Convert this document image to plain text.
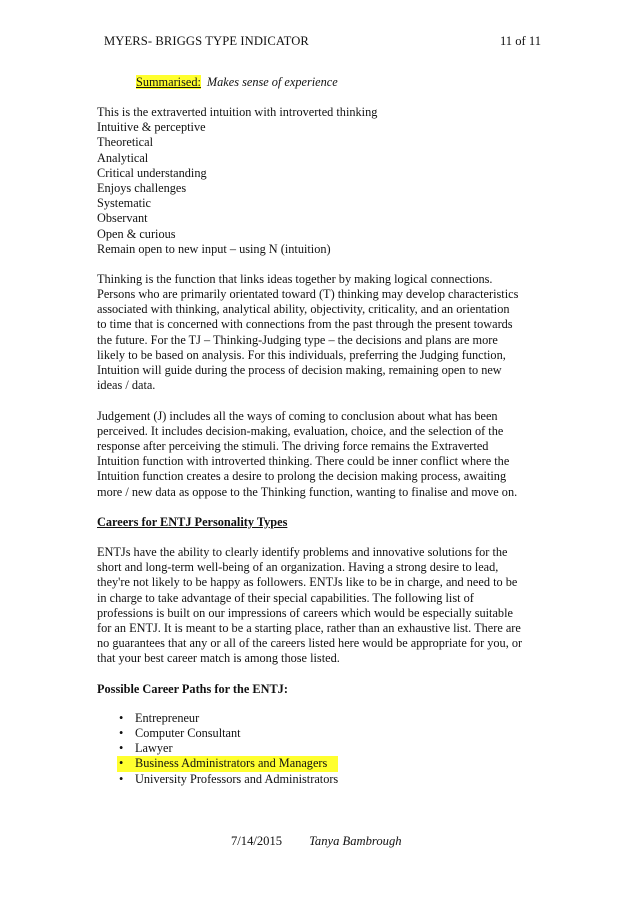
MYERS- BRIGGS TYPE INDICATOR	11 of 11
Summarised: Makes sense of experience
This is the extraverted intuition with introverted thinking
Intuitive & perceptive
Theoretical
Analytical
Critical understanding
Enjoys challenges
Systematic
Observant
Open & curious
Remain open to new input – using N (intuition)
Thinking is the function that links ideas together by making logical connections.
Persons who are primarily orientated toward (T) thinking may develop characteristics
associated with thinking, analytical ability, objectivity, criticality, and an orientation
to time that is concerned with connections from the past through the present towards
the future. For the TJ – Thinking-Judging type – the decisions and plans are more
likely to be based on analysis. For this individuals, preferring the Judging function,
Intuition will guide during the process of decision making, remaining open to new
ideas / data.
Judgement (J) includes all the ways of coming to conclusion about what has been
perceived. It includes decision-making, evaluation, choice, and the selection of the
response after perceiving the stimuli. The driving force remains the Extraverted
Intuition function with introverted thinking. There could be inner conflict where the
Intuition function creates a desire to prolong the decision making process, awaiting
more / new data as oppose to the Thinking function, wanting to finalise and move on.
Careers for ENTJ Personality Types
ENTJs have the ability to clearly identify problems and innovative solutions for the
short and long-term well-being of an organization. Having a strong desire to lead,
they're not likely to be happy as followers. ENTJs like to be in charge, and need to be
in charge to take advantage of their special capabilities. The following list of
professions is built on our impressions of careers which would be especially suitable
for an ENTJ. It is meant to be a starting place, rather than an exhaustive list. There are
no guarantees that any or all of the careers listed here would be appropriate for you, or
that your best career match is among those listed.
Possible Career Paths for the ENTJ:
• Entrepreneur
• Computer Consultant
• Lawyer
• Business Administrators and Managers
• University Professors and Administrators
7/14/2015 Tanya Bambrough
